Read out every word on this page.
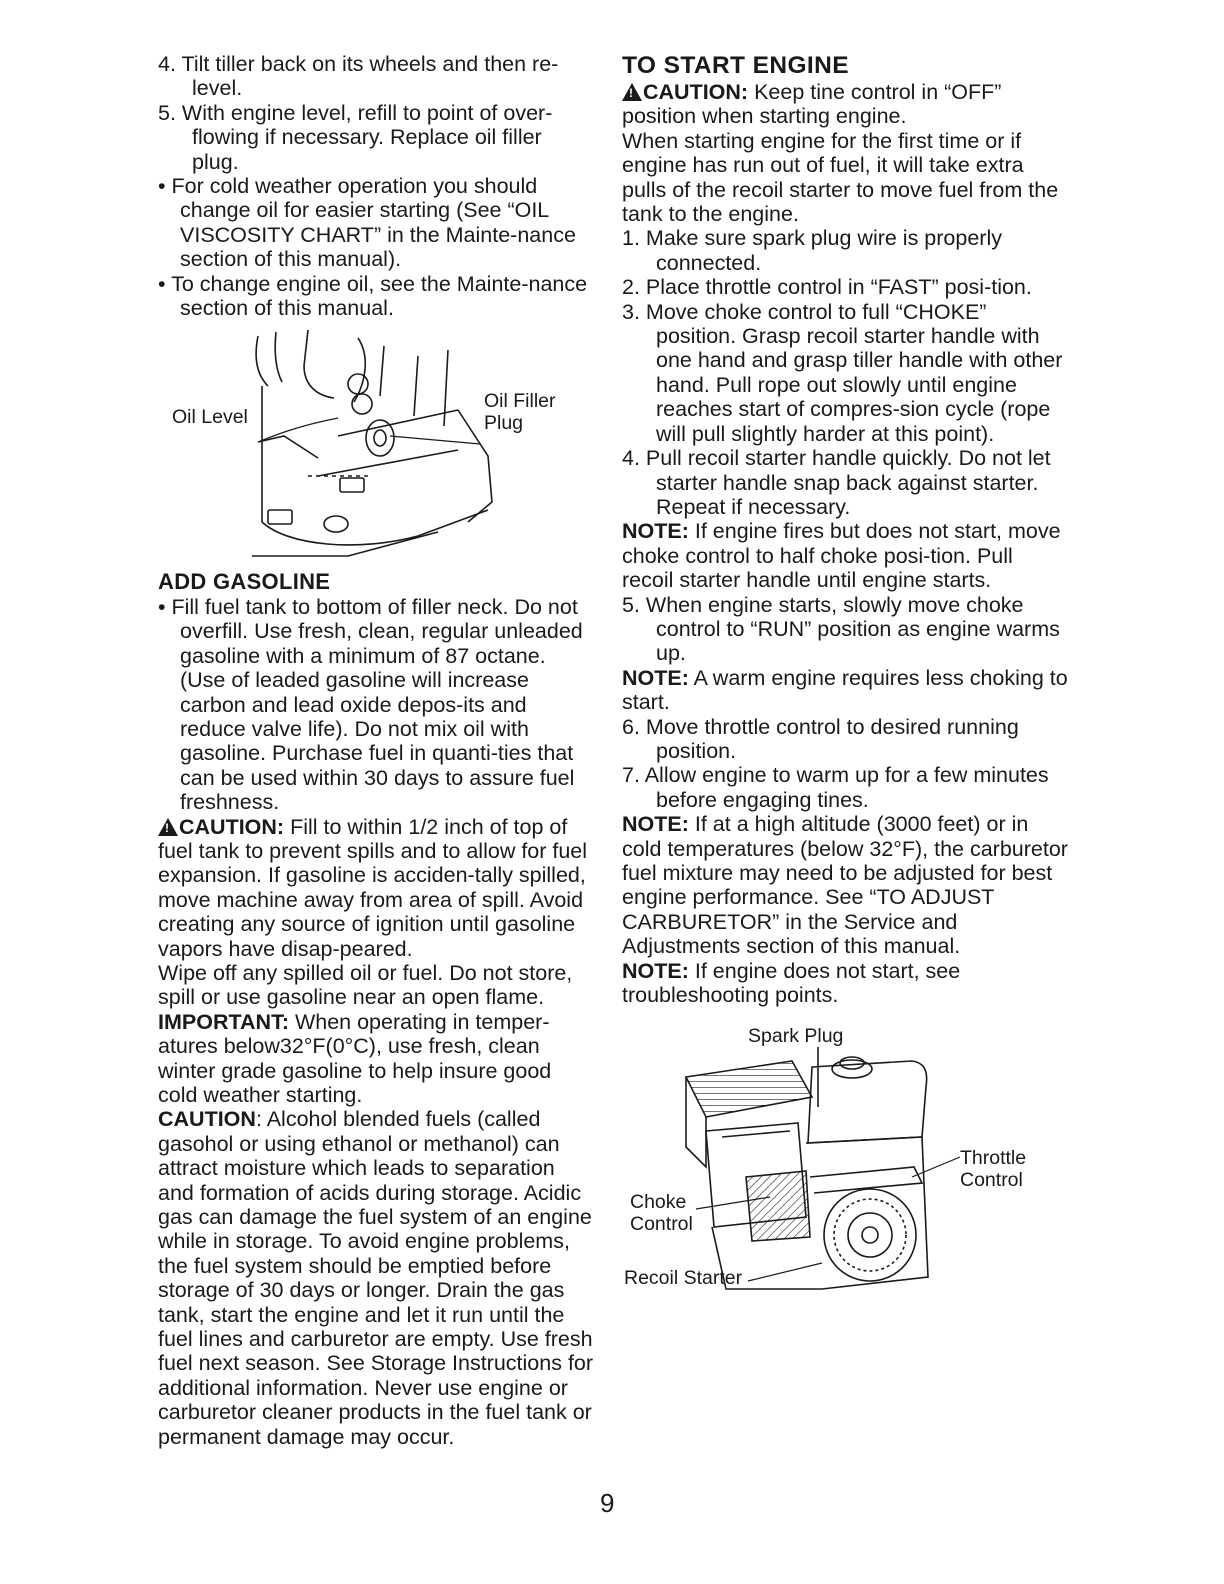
4. Tilt tiller back on its wheels and then re-level.

5. With engine level, refill to point of over-flowing if necessary. Replace oil filler plug.

• For cold weather operation you should change oil for easier starting (See “OIL VISCOSITY CHART” in the Mainte-nance section of this manual).

• To change engine oil, see the Mainte-nance section of this manual.

Oil Level
Oil Filler
Plug

ADD GASOLINE

• Fill fuel tank to bottom of filler neck. Do not overfill. Use fresh, clean, regular unleaded gasoline with a minimum of 87 octane. (Use of leaded gasoline will increase carbon and lead oxide depos-its and reduce valve life). Do not mix oil with gasoline. Purchase fuel in quanti-ties that can be used within 30 days to assure fuel freshness.

!CAUTION: Fill to within 1/2 inch of top of fuel tank to prevent spills and to allow for fuel expansion. If gasoline is acciden-tally spilled, move machine away from area of spill. Avoid creating any source of ignition until gasoline vapors have disap-peared.

Wipe off any spilled oil or fuel. Do not store, spill or use gasoline near an open flame.

IMPORTANT: When operating in temper-atures below32°F(0°C), use fresh, clean winter grade gasoline to help insure good cold weather starting.

CAUTION: Alcohol blended fuels (called gasohol or using ethanol or methanol) can attract moisture which leads to separation and formation of acids during storage. Acidic gas can damage the fuel system of an engine while in storage. To avoid engine problems, the fuel system should be emptied before storage of 30 days or longer. Drain the gas tank, start the engine and let it run until the fuel lines and carburetor are empty. Use fresh fuel next season. See Storage Instructions for additional information. Never use engine or carburetor cleaner products in the fuel tank or permanent damage may occur.

TO START ENGINE

!CAUTION: Keep tine control in “OFF” position when starting engine.

When starting engine for the first time or if engine has run out of fuel, it will take extra pulls of the recoil starter to move fuel from the tank to the engine.

1. Make sure spark plug wire is properly connected.

2. Place throttle control in “FAST” posi-tion.

3. Move choke control to full “CHOKE” position. Grasp recoil starter handle with one hand and grasp tiller handle with other hand. Pull rope out slowly until engine reaches start of compres-sion cycle (rope will pull slightly harder at this point).

4. Pull recoil starter handle quickly. Do not let starter handle snap back against starter. Repeat if necessary.

NOTE: If engine fires but does not start, move choke control to half choke posi-tion. Pull recoil starter handle until engine starts.

5. When engine starts, slowly move choke control to “RUN” position as engine warms up.

NOTE: A warm engine requires less choking to start.

6. Move throttle control to desired running position.

7. Allow engine to warm up for a few minutes before engaging tines.

NOTE: If at a high altitude (3000 feet) or in cold temperatures (below 32°F), the carburetor fuel mixture may need to be adjusted for best engine performance. See “TO ADJUST CARBURETOR” in the Service and Adjustments section of this manual.

NOTE: If engine does not start, see troubleshooting points.

Spark Plug
Throttle
Control
Choke
Control
Recoil Starter
9
